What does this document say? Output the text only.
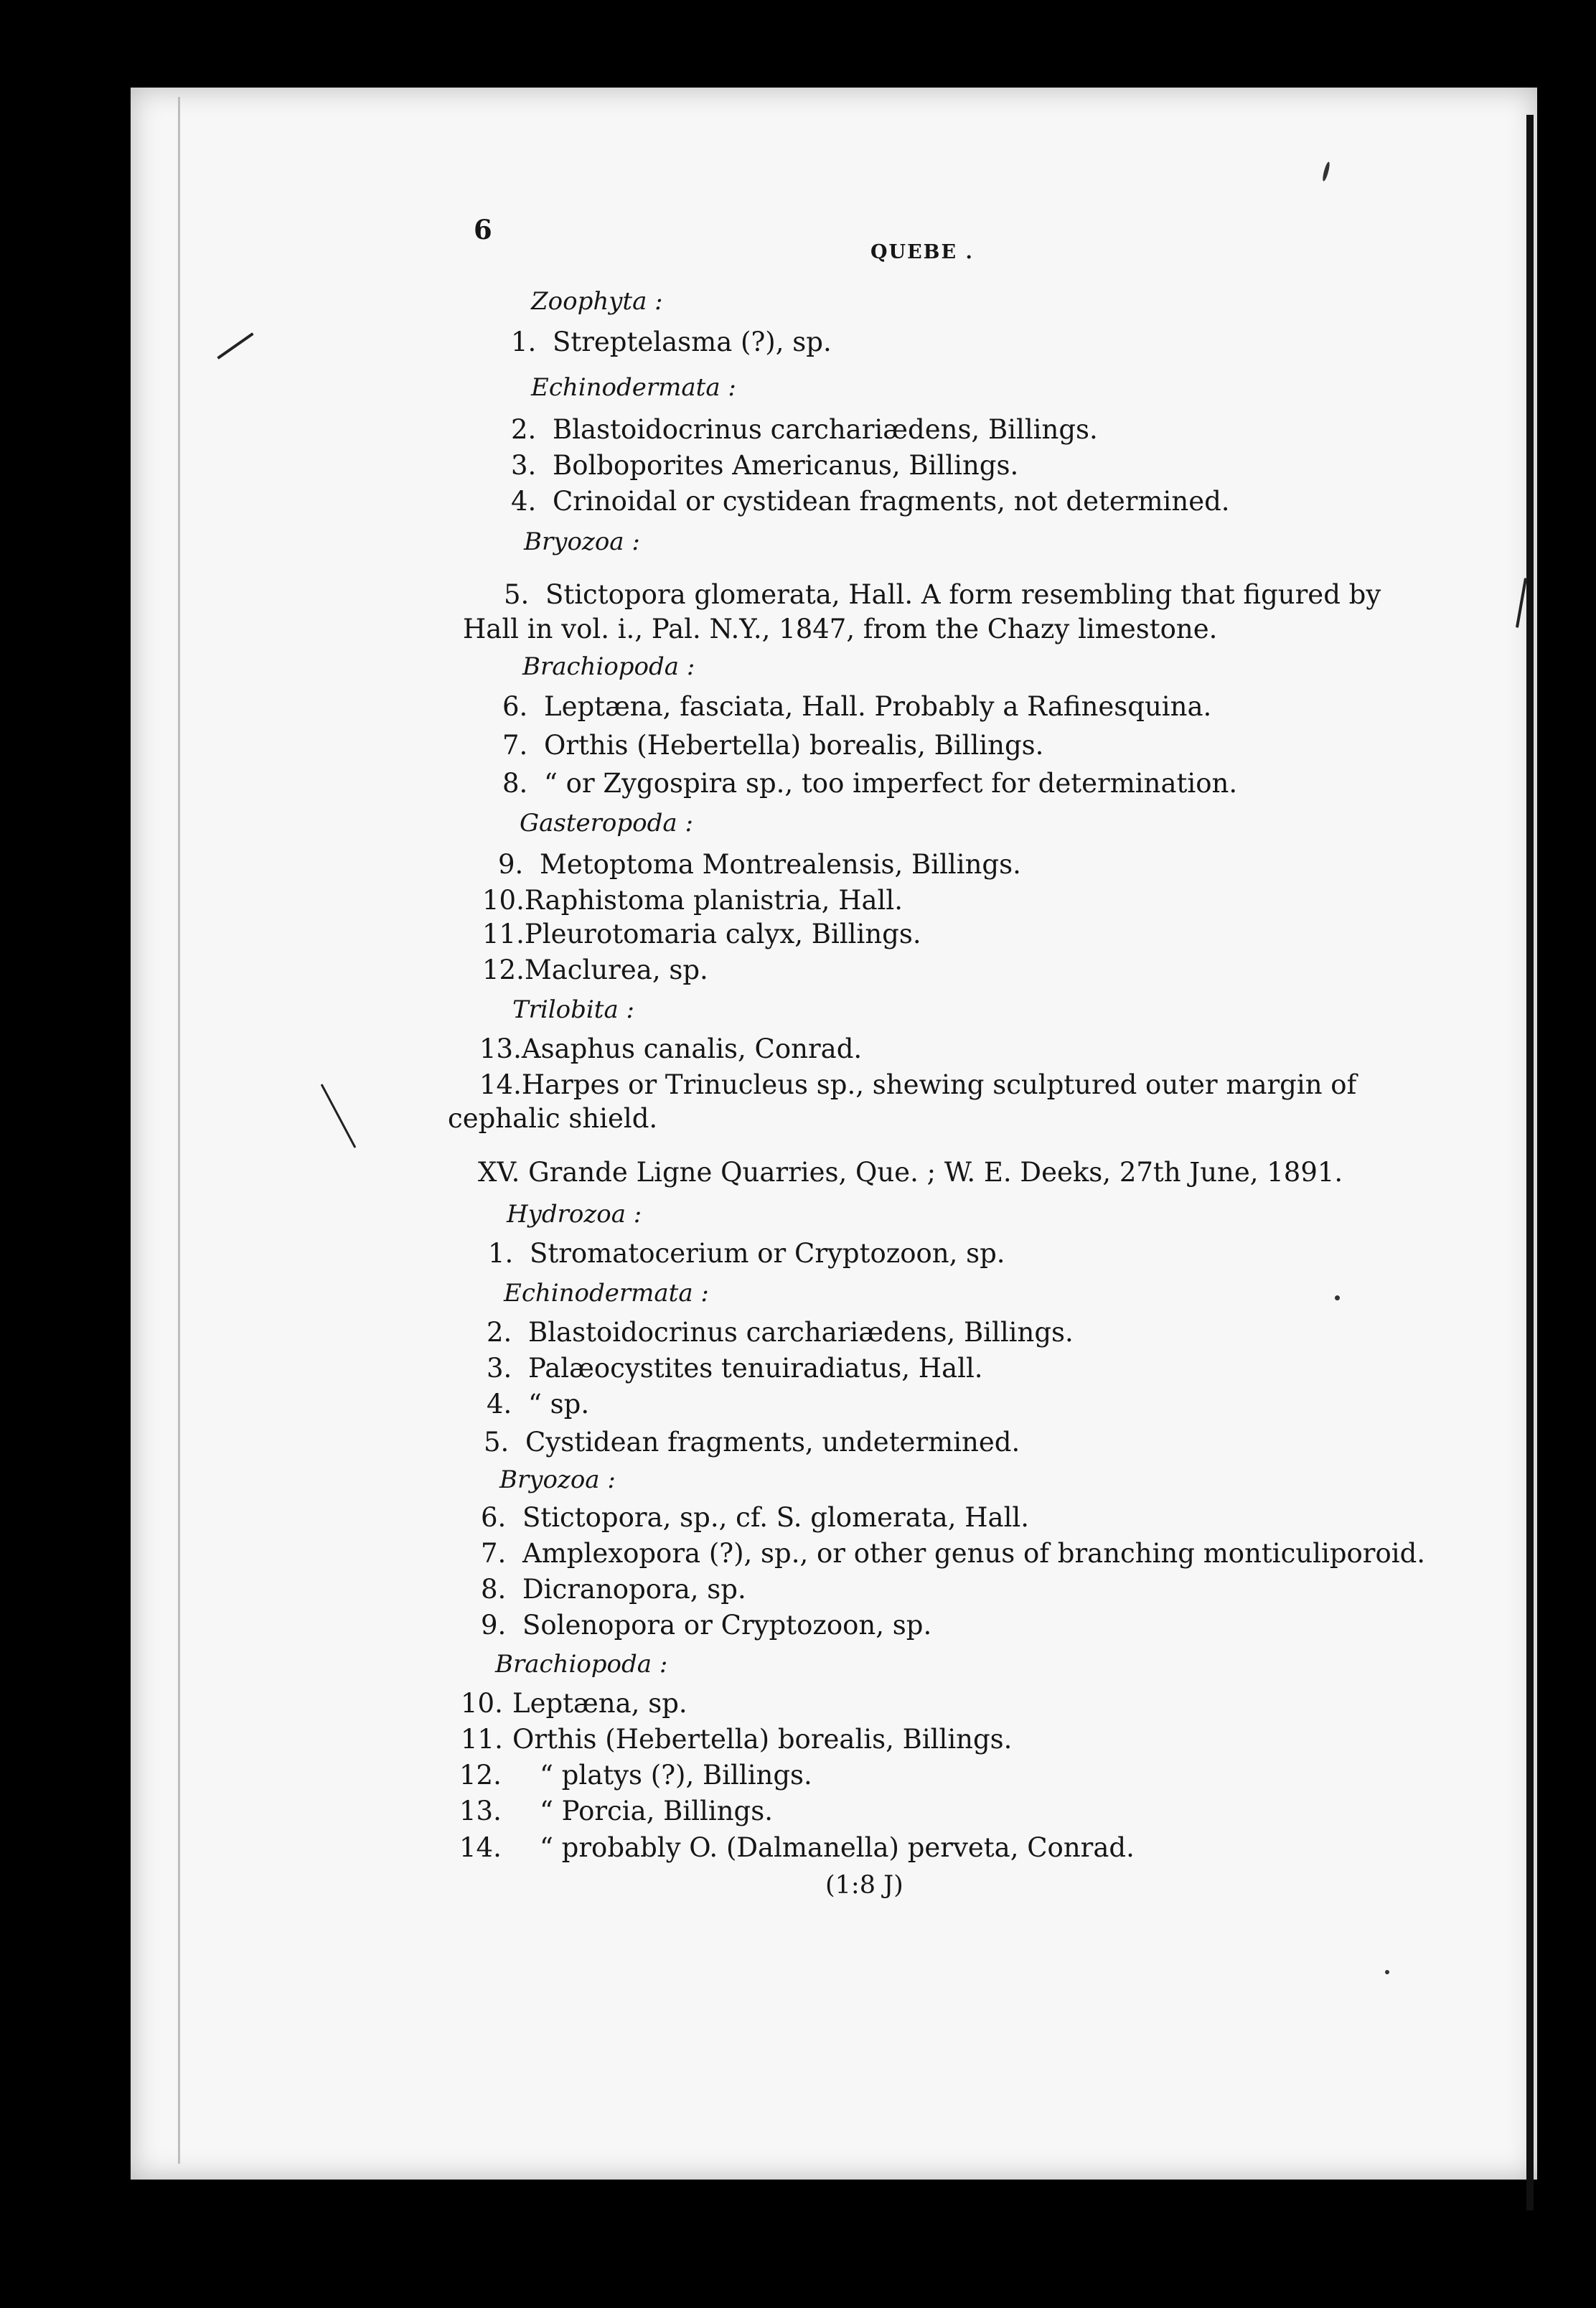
6
QUEBE .
Zoophyta :
1. Streptelasma (?), sp.
Echinodermata :
2. Blastoidocrinus carchariædens, Billings.
3. Bolboporites Americanus, Billings.
4. Crinoidal or cystidean fragments, not determined.
Bryozoa :
5. Stictopora glomerata, Hall. A form resembling that figured by
Hall in vol. i., Pal. N.Y., 1847, from the Chazy limestone.
Brachiopoda :
6. Leptæna, fasciata, Hall. Probably a Rafinesquina.
7. Orthis (Hebertella) borealis, Billings.
8. “ or Zygospira sp., too imperfect for determination.
Gasteropoda :
9. Metoptoma Montrealensis, Billings.
10.Raphistoma planistria, Hall.
11.Pleurotomaria calyx, Billings.
12.Maclurea, sp.
Trilobita :
13.Asaphus canalis, Conrad.
14.Harpes or Trinucleus sp., shewing sculptured outer margin of
cephalic shield.
XV. Grande Ligne Quarries, Que. ; W. E. Deeks, 27th June, 1891.
Hydrozoa :
1. Stromatocerium or Cryptozoon, sp.
Echinodermata :
2. Blastoidocrinus carchariædens, Billings.
3. Palæocystites tenuiradiatus, Hall.
4. “ sp.
5. Cystidean fragments, undetermined.
Bryozoa :
6. Stictopora, sp., cf. S. glomerata, Hall.
7. Amplexopora (?), sp., or other genus of branching monticuliporoid.
8. Dicranopora, sp.
9. Solenopora or Cryptozoon, sp.
Brachiopoda :
10. Leptæna, sp.
11. Orthis (Hebertella) borealis, Billings.
12. “ platys (?), Billings.
13. “ Porcia, Billings.
14. “ probably O. (Dalmanella) perveta, Conrad.
(1:8 J)
